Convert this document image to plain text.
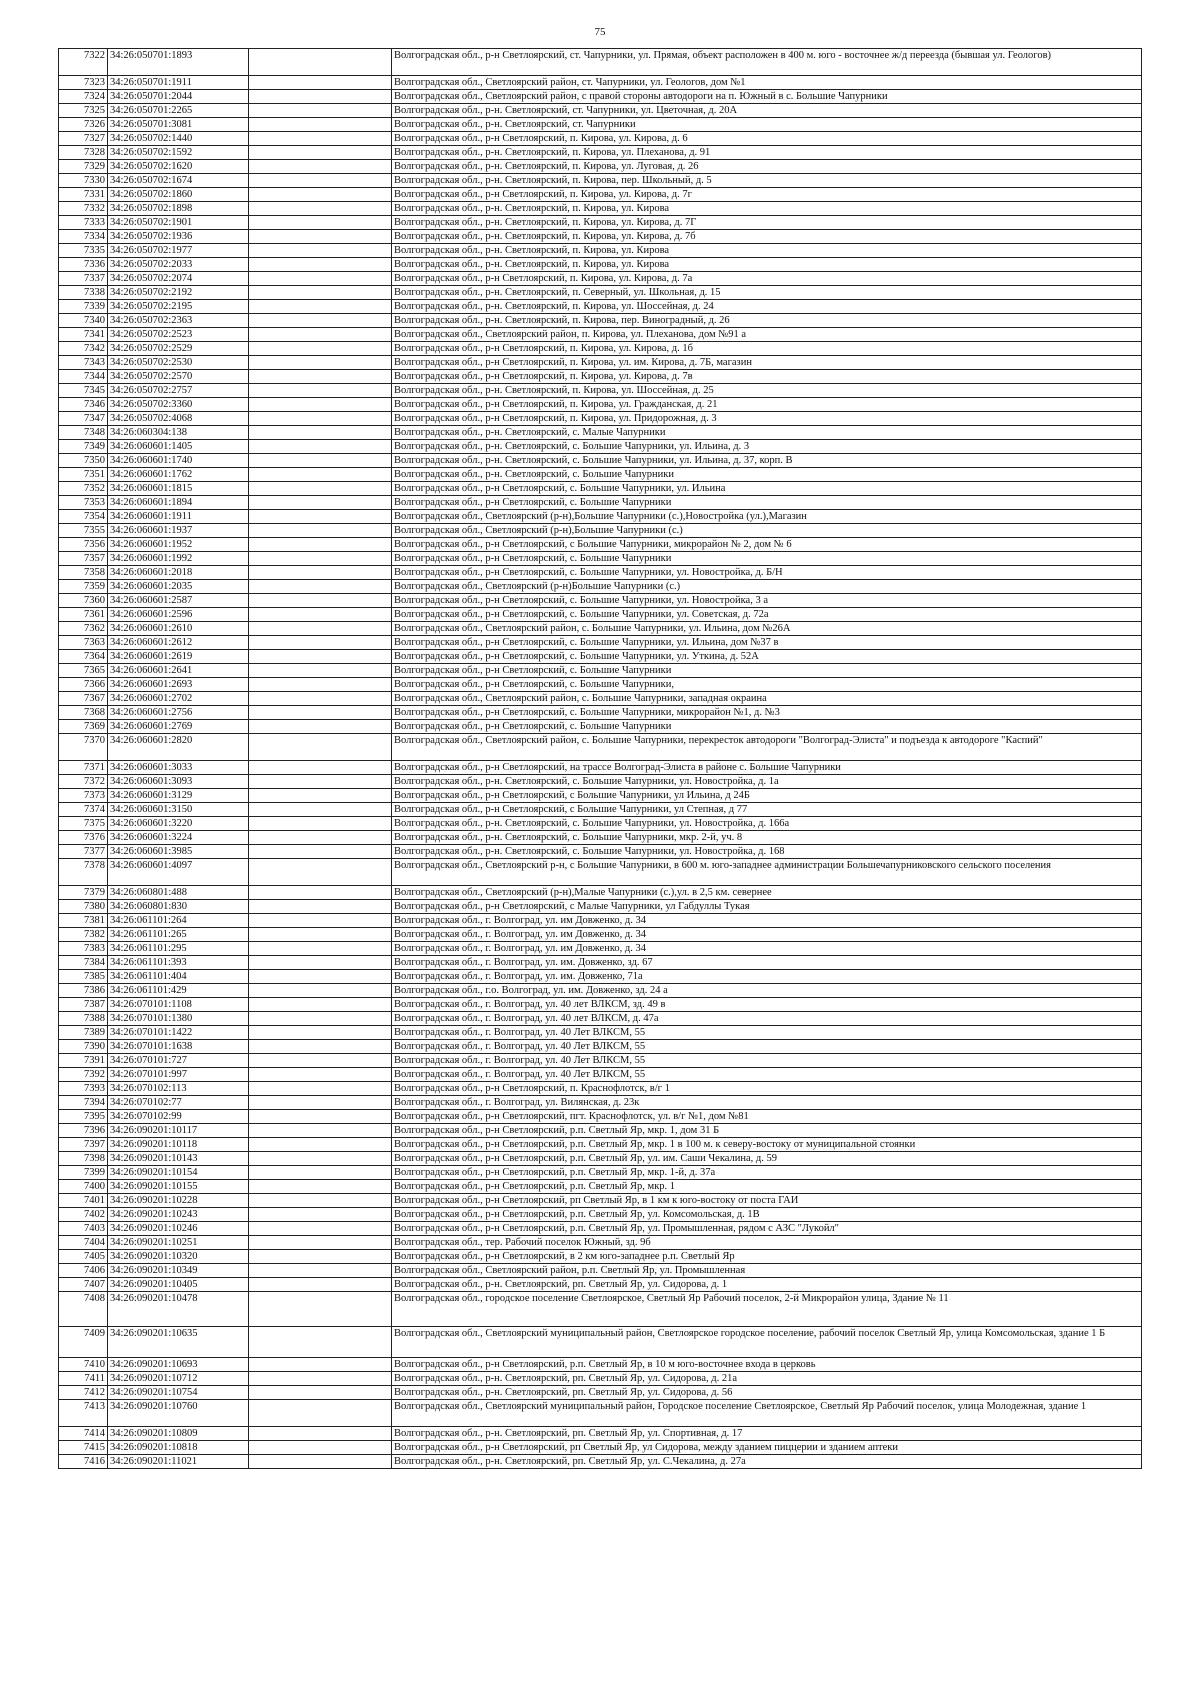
75
7322	34:26:050701:1893		Волгоградская обл., р-н Светлоярский, ст. Чапурники, ул. Прямая, объект расположен в 400 м. юго - восточнее ж/д переезда (бывшая ул. Геологов)
7323	34:26:050701:1911		Волгоградская обл., Светлоярский район, ст. Чапурники, ул. Геологов, дом №1
7324	34:26:050701:2044		Волгоградская обл., Светлоярский район, с правой стороны автодороги на п. Южный в с. Большие Чапурники
7325	34:26:050701:2265		Волгоградская обл., р-н. Светлоярский, ст. Чапурники, ул. Цветочная, д. 20А
7326	34:26:050701:3081		Волгоградская обл., р-н. Светлоярский, ст. Чапурники
7327	34:26:050702:1440		Волгоградская обл., р-н Светлоярский, п. Кирова, ул. Кирова, д. 6
7328	34:26:050702:1592		Волгоградская обл., р-н. Светлоярский, п. Кирова, ул. Плеханова, д. 91
7329	34:26:050702:1620		Волгоградская обл., р-н. Светлоярский, п. Кирова, ул. Луговая, д. 26
7330	34:26:050702:1674		Волгоградская обл., р-н. Светлоярский, п. Кирова, пер. Школьный, д. 5
7331	34:26:050702:1860		Волгоградская обл., р-н Светлоярский, п. Кирова, ул. Кирова, д. 7г
7332	34:26:050702:1898		Волгоградская обл., р-н. Светлоярский, п. Кирова, ул. Кирова
7333	34:26:050702:1901		Волгоградская обл., р-н. Светлоярский, п. Кирова, ул. Кирова, д. 7Г
7334	34:26:050702:1936		Волгоградская обл., р-н. Светлоярский, п. Кирова, ул. Кирова, д. 7б
7335	34:26:050702:1977		Волгоградская обл., р-н. Светлоярский, п. Кирова, ул. Кирова
7336	34:26:050702:2033		Волгоградская обл., р-н. Светлоярский, п. Кирова, ул. Кирова
7337	34:26:050702:2074		Волгоградская обл., р-н Светлоярский, п. Кирова, ул. Кирова, д. 7а
7338	34:26:050702:2192		Волгоградская обл., р-н. Светлоярский, п. Северный, ул. Школьная, д. 15
7339	34:26:050702:2195		Волгоградская обл., р-н. Светлоярский, п. Кирова, ул. Шоссейная, д. 24
7340	34:26:050702:2363		Волгоградская обл., р-н. Светлоярский, п. Кирова, пер. Виноградный, д. 26
7341	34:26:050702:2523		Волгоградская обл., Светлоярский район, п. Кирова, ул. Плеханова, дом №91 а
7342	34:26:050702:2529		Волгоградская обл., р-н Светлоярский, п. Кирова, ул. Кирова, д. 1б
7343	34:26:050702:2530		Волгоградская обл., р-н Светлоярский, п. Кирова, ул. им. Кирова, д. 7Б, магазин
7344	34:26:050702:2570		Волгоградская обл., р-н Светлоярский, п. Кирова, ул. Кирова, д. 7в
7345	34:26:050702:2757		Волгоградская обл., р-н. Светлоярский, п. Кирова, ул. Шоссейная, д. 25
7346	34:26:050702:3360		Волгоградская обл., р-н Светлоярский, п. Кирова, ул. Гражданская, д. 21
7347	34:26:050702:4068		Волгоградская обл., р-н Светлоярский, п. Кирова, ул. Придорожная, д. 3
7348	34:26:060304:138		Волгоградская обл., р-н. Светлоярский, с. Малые Чапурники
7349	34:26:060601:1405		Волгоградская обл., р-н. Светлоярский, с. Большие Чапурники, ул. Ильина, д. 3
7350	34:26:060601:1740		Волгоградская обл., р-н. Светлоярский, с. Большие Чапурники, ул. Ильина, д. 37, корп. В
7351	34:26:060601:1762		Волгоградская обл., р-н. Светлоярский, с. Большие Чапурники
7352	34:26:060601:1815		Волгоградская обл., р-н Светлоярский, с. Большие Чапурники, ул. Ильина
7353	34:26:060601:1894		Волгоградская обл., р-н Светлоярский, с. Большие Чапурники
7354	34:26:060601:1911		Волгоградская обл., Светлоярский (р-н),Большие Чапурники (с.),Новостройка (ул.),Магазин
7355	34:26:060601:1937		Волгоградская обл., Светлоярский (р-н),Большие Чапурники (с.)
7356	34:26:060601:1952		Волгоградская обл., р-н Светлоярский, с Большие Чапурники, микрорайон № 2, дом № 6
7357	34:26:060601:1992		Волгоградская обл., р-н Светлоярский, с. Большие Чапурники
7358	34:26:060601:2018		Волгоградская обл., р-н Светлоярский, с. Большие Чапурники, ул. Новостройка, д. Б/Н
7359	34:26:060601:2035		Волгоградская обл., Светлоярский (р-н)Большие Чапурники (с.)
7360	34:26:060601:2587		Волгоградская обл., р-н Светлоярский, с. Большие Чапурники, ул. Новостройка, 3 а
7361	34:26:060601:2596		Волгоградская обл., р-н Светлоярский, с. Большие Чапурники, ул. Советская, д. 72а
7362	34:26:060601:2610		Волгоградская обл., Светлоярский район, с. Большие Чапурники, ул. Ильина, дом №26А
7363	34:26:060601:2612		Волгоградская обл., р-н Светлоярский, с. Большие Чапурники, ул. Ильина, дом №37 в
7364	34:26:060601:2619		Волгоградская обл., р-н Светлоярский, с. Большие Чапурники, ул. Уткина, д. 52А
7365	34:26:060601:2641		Волгоградская обл., р-н Светлоярский, с. Большие Чапурники
7366	34:26:060601:2693		Волгоградская обл., р-н Светлоярский, с. Большие Чапурники,
7367	34:26:060601:2702		Волгоградская обл., Светлоярский район, с. Большие Чапурники, западная окраина
7368	34:26:060601:2756		Волгоградская обл., р-н Светлоярский, с. Большие Чапурники, микрорайон №1, д. №3
7369	34:26:060601:2769		Волгоградская обл., р-н Светлоярский, с. Большие Чапурники
7370	34:26:060601:2820		Волгоградская обл., Светлоярский район, с. Большие Чапурники, перекресток автодороги "Волгоград-Элиста" и подъезда к автодороге "Каспий"
7371	34:26:060601:3033		Волгоградская обл., р-н Светлоярский, на трассе Волгоград-Элиста в районе с. Большие Чапурники
7372	34:26:060601:3093		Волгоградская обл., р-н. Светлоярский, с. Большие Чапурники, ул. Новостройка, д. 1а
7373	34:26:060601:3129		Волгоградская обл., р-н Светлоярский, с Большие Чапурники, ул Ильина, д 24Б
7374	34:26:060601:3150		Волгоградская обл., р-н Светлоярский, с Большие Чапурники, ул Степная, д 77
7375	34:26:060601:3220		Волгоградская обл., р-н. Светлоярский, с. Большие Чапурники, ул. Новостройка, д. 166а
7376	34:26:060601:3224		Волгоградская обл., р-н. Светлоярский, с. Большие Чапурники, мкр. 2-й, уч. 8
7377	34:26:060601:3985		Волгоградская обл., р-н. Светлоярский, с. Большие Чапурники, ул. Новостройка, д. 168
7378	34:26:060601:4097		Волгоградская обл., Светлоярский р-н, с Большие Чапурники, в 600 м. юго-западнее администрации Большечапурниковского сельского поселения
7379	34:26:060801:488		Волгоградская обл., Светлоярский (р-н),Малые Чапурники (с.),ул. в 2,5 км. севернее
7380	34:26:060801:830		Волгоградская обл., р-н Светлоярский, с Малые Чапурники, ул Габдуллы Тукая
7381	34:26:061101:264		Волгоградская обл., г. Волгоград, ул. им Довженко, д. 34
7382	34:26:061101:265		Волгоградская обл., г. Волгоград, ул. им Довженко, д. 34
7383	34:26:061101:295		Волгоградская обл., г. Волгоград, ул. им Довженко, д. 34
7384	34:26:061101:393		Волгоградская обл., г. Волгоград, ул. им. Довженко, зд. 67
7385	34:26:061101:404		Волгоградская обл., г. Волгоград, ул. им. Довженко, 71а
7386	34:26:061101:429		Волгоградская обл., г.о. Волгоград, ул. им. Довженко, зд. 24 а
7387	34:26:070101:1108		Волгоградская обл., г. Волгоград, ул. 40 лет ВЛКСМ, зд. 49 в
7388	34:26:070101:1380		Волгоградская обл., г. Волгоград, ул. 40 лет ВЛКСМ, д. 47а
7389	34:26:070101:1422		Волгоградская обл., г. Волгоград, ул. 40 Лет ВЛКСМ, 55
7390	34:26:070101:1638		Волгоградская обл., г. Волгоград, ул. 40 Лет ВЛКСМ, 55
7391	34:26:070101:727		Волгоградская обл., г. Волгоград, ул. 40 Лет ВЛКСМ, 55
7392	34:26:070101:997		Волгоградская обл., г. Волгоград, ул. 40 Лет ВЛКСМ, 55
7393	34:26:070102:113		Волгоградская обл., р-н Светлоярский, п. Краснофлотск, в/г 1
7394	34:26:070102:77		Волгоградская обл., г. Волгоград, ул. Вилянская, д. 23к
7395	34:26:070102:99		Волгоградская обл., р-н Светлоярский, пгт. Краснофлотск, ул. в/г №1, дом №81
7396	34:26:090201:10117		Волгоградская обл., р-н Светлоярский, р.п. Светлый Яр, мкр. 1, дом 31 Б
7397	34:26:090201:10118		Волгоградская обл., р-н Светлоярский, р.п. Светлый Яр, мкр. 1 в 100 м. к северу-востоку от муниципальной стоянки
7398	34:26:090201:10143		Волгоградская обл., р-н Светлоярский, р.п. Светлый Яр, ул. им. Саши Чекалина, д. 59
7399	34:26:090201:10154		Волгоградская обл., р-н Светлоярский, р.п. Светлый Яр, мкр. 1-й, д. 37а
7400	34:26:090201:10155		Волгоградская обл., р-н Светлоярский, р.п. Светлый Яр, мкр. 1
7401	34:26:090201:10228		Волгоградская обл., р-н Светлоярский, рп Светлый Яр, в 1 км к юго-востоку от поста ГАИ
7402	34:26:090201:10243		Волгоградская обл., р-н Светлоярский, р.п. Светлый Яр, ул. Комсомольская, д. 1В
7403	34:26:090201:10246		Волгоградская обл., р-н Светлоярский, р.п. Светлый Яр, ул. Промышленная, рядом с АЗС "Лукойл"
7404	34:26:090201:10251		Волгоградская обл., тер. Рабочий поселок Южный, зд. 9б
7405	34:26:090201:10320		Волгоградская обл., р-н Светлоярский, в 2 км юго-западнее р.п. Светлый Яр
7406	34:26:090201:10349		Волгоградская обл., Светлоярский район, р.п. Светлый Яр, ул. Промышленная
7407	34:26:090201:10405		Волгоградская обл., р-н. Светлоярский, рп. Светлый Яр, ул. Сидорова, д. 1
7408	34:26:090201:10478		Волгоградская обл., городское поселение Светлоярское, Светлый Яр Рабочий поселок, 2-й Микрорайон улица, Здание № 11
7409	34:26:090201:10635		Волгоградская обл., Светлоярский муниципальный район, Светлоярское городское поселение, рабочий поселок Светлый Яр, улица Комсомольская, здание 1 Б
7410	34:26:090201:10693		Волгоградская обл., р-н Светлоярский, р.п. Светлый Яр, в 10 м юго-восточнее входа в церковь
7411	34:26:090201:10712		Волгоградская обл., р-н. Светлоярский, рп. Светлый Яр, ул. Сидорова, д. 21а
7412	34:26:090201:10754		Волгоградская обл., р-н. Светлоярский, рп. Светлый Яр, ул. Сидорова, д. 56
7413	34:26:090201:10760		Волгоградская обл., Светлоярский муниципальный район, Городское поселение Светлоярское, Светлый Яр Рабочий поселок, улица Молодежная, здание 1
7414	34:26:090201:10809		Волгоградская обл., р-н. Светлоярский, рп. Светлый Яр, ул. Спортивная, д. 17
7415	34:26:090201:10818		Волгоградская обл., р-н Светлоярский, рп Светлый Яр, ул Сидорова, между зданием пиццерии и зданием аптеки
7416	34:26:090201:11021		Волгоградская обл., р-н. Светлоярский, рп. Светлый Яр, ул. С.Чекалина, д. 27а
